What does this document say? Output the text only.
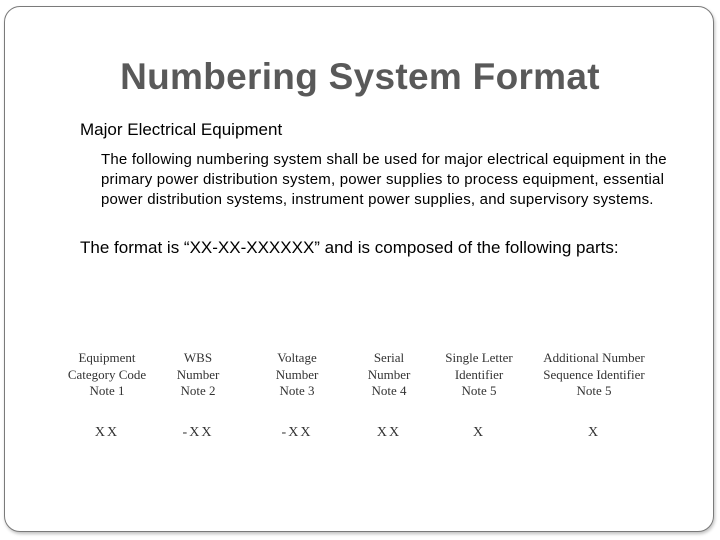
Numbering System Format
Major Electrical Equipment
The following numbering system shall be used for major electrical equipment in the primary power distribution system, power supplies to process equipment, essential power distribution systems, instrument power supplies, and supervisory systems.
The format is “XX-XX-XXXXXX” and is composed of the following parts:
Equipment
Category Code
Note 1
XX
WBS
Number
Note 2
-XX
Voltage
Number
Note 3
-XX
Serial
Number
Note 4
XX
Single Letter
Identifier
Note 5
X
Additional Number
Sequence Identifier
Note 5
X
